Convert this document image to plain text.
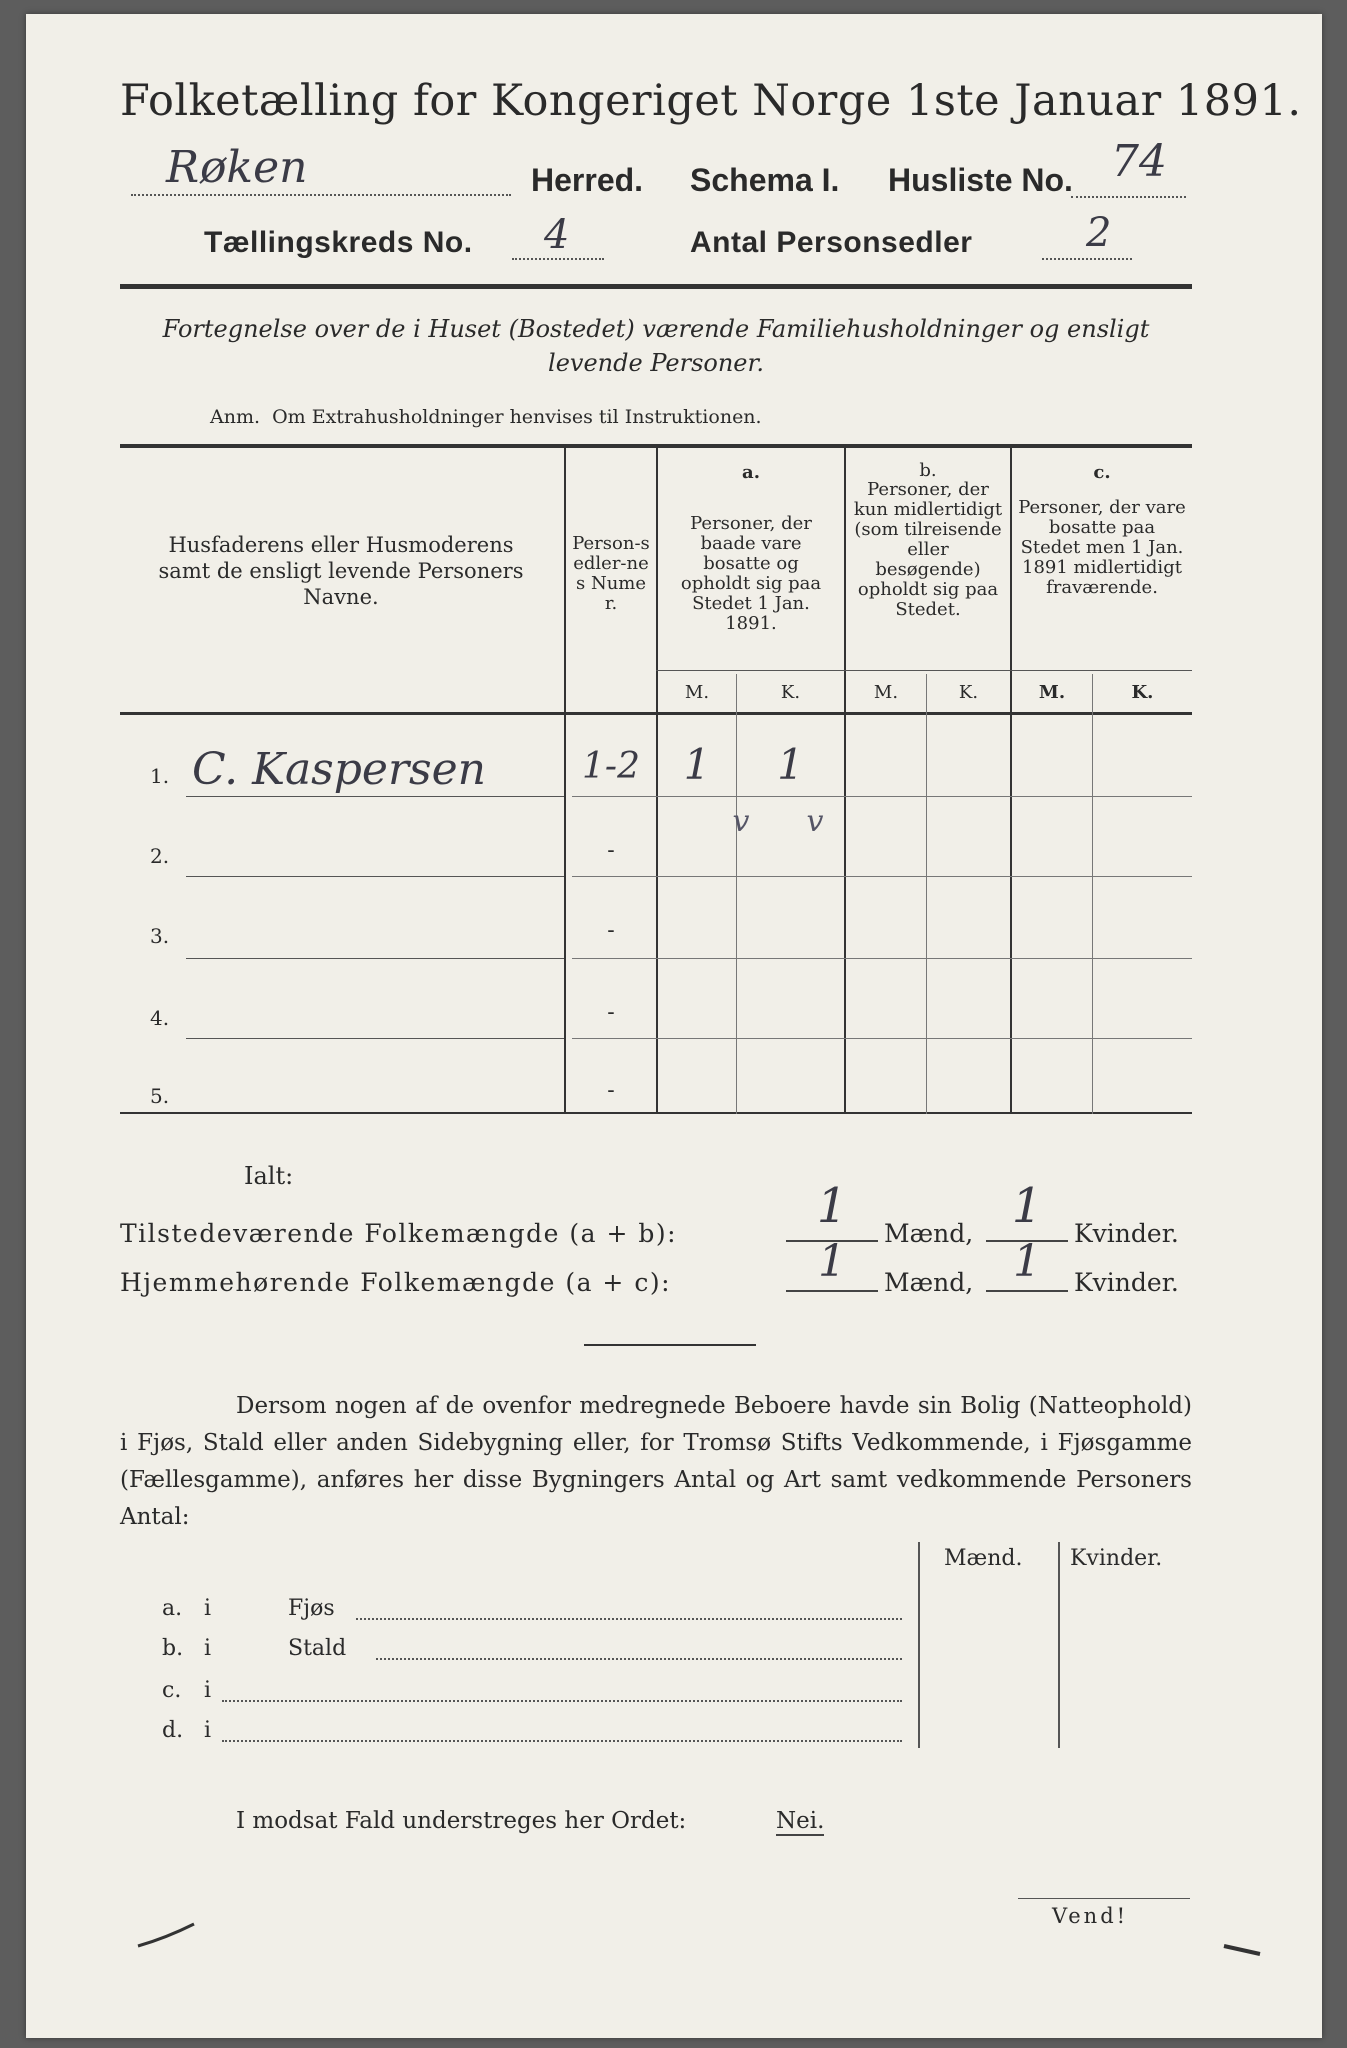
Folketælling for Kongeriget Norge 1ste Januar 1891.
Røken	Herred. Schema I. Husliste No. 74
Tællingskreds No. 4	Antal Personsedler	2
Fortegnelse over de i Huset (Bostedet) værende Familiehusholdninger og ensligt levende Personer.
Anm.  Om Extrahusholdninger henvises til Instruktionen.
Husfaderens eller Husmoderens samt de ensligt levende Personers Navne.
Person-sedler-nes Numer.
a.
Personer, der baade vare bosatte og opholdt sig paa Stedet 1 Jan. 1891.
b.
Personer, der kun midlertidigt (som tilreisende eller besøgende) opholdt sig paa Stedet.
c.
Personer, der vare bosatte paa Stedet men 1 Jan. 1891 midlertidigt fraværende.
M.	K.	M.	K.	M.	K.
1. C. Kaspersen	1-2	1	1
2.	-
v	v
3.	-
4.	-
5.	-
Ialt:
Tilstedeværende Folkemængde (a + b):	1	Mænd, 1	Kvinder.
Hjemmehørende Folkemængde (a + c):	1	Mænd, 1	Kvinder.
Dersom nogen af de ovenfor medregnede Beboere havde sin Bolig (Natteophold) i Fjøs, Stald eller anden Sidebygning eller, for Tromsø Stifts Vedkommende, i Fjøsgamme (Fællesgamme), anføres her disse Bygningers Antal og Art samt vedkommende Personers Antal:
Mænd. Kvinder.
a. i	Fjøs
b. i	Stald
c. i
d. i
I modsat Fald understreges her Ordet:	Nei.
Vend!
